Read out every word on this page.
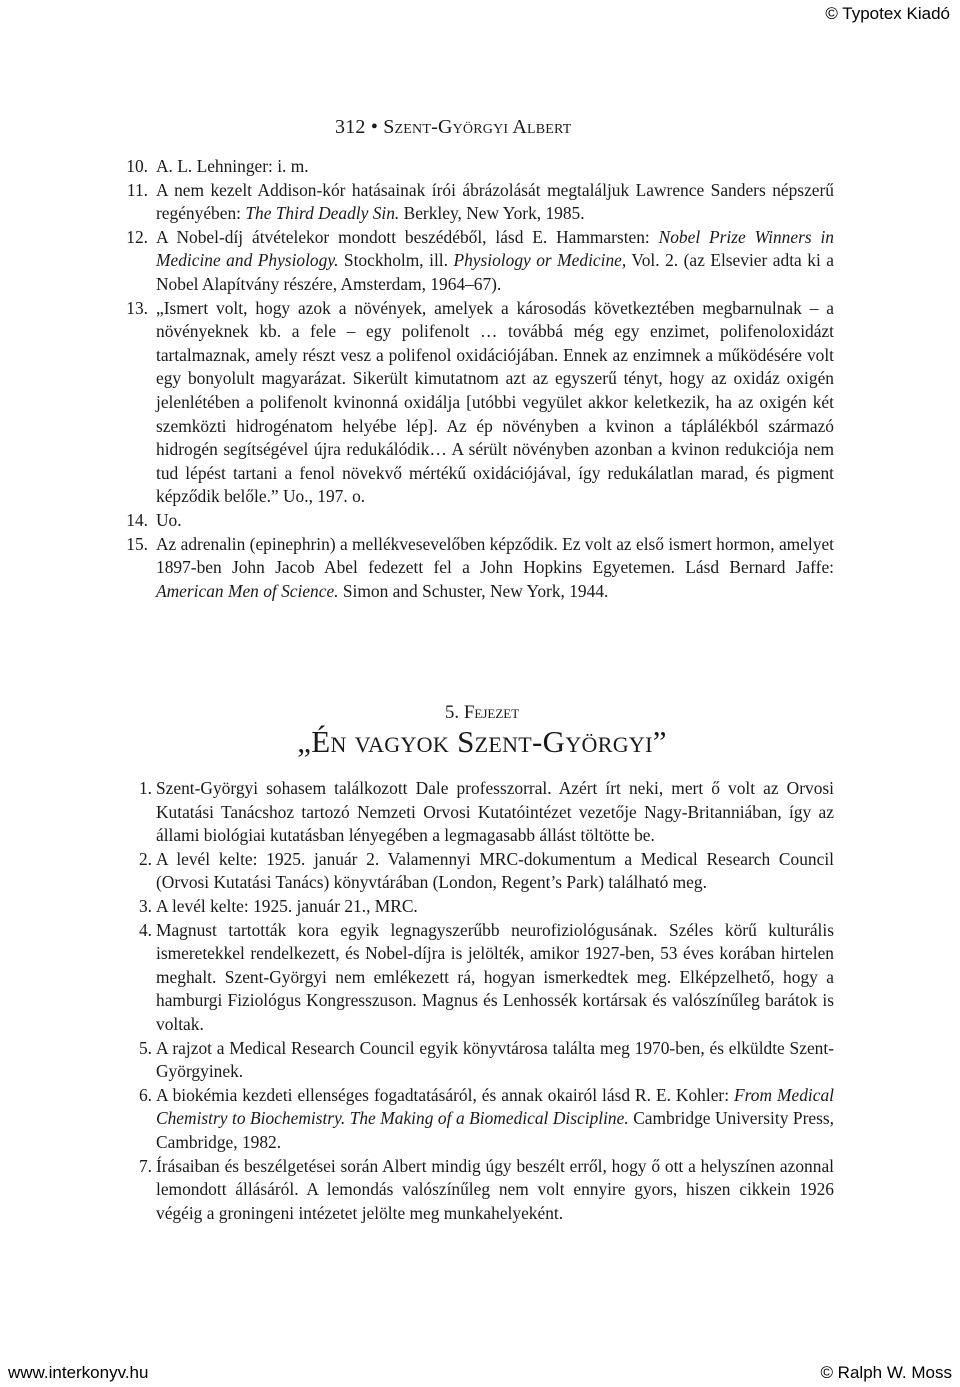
© Typotex Kiadó
312 • Szent-Györgyi Albert
10. A. L. Lehninger: i. m.

11. A nem kezelt Addison-kór hatásainak írói ábrázolását megtaláljuk Lawrence Sanders népszerű regényében: The Third Deadly Sin. Berkley, New York, 1985.

12. A Nobel-díj átvételekor mondott beszédéből, lásd E. Hammarsten: Nobel Prize Winners in Medicine and Physiology. Stockholm, ill. Physiology or Medicine, Vol. 2. (az Elsevier adta ki a Nobel Alapítvány részére, Amsterdam, 1964–67).

13. „Ismert volt, hogy azok a növények, amelyek a károsodás következtében megbarnulnak – a növényeknek kb. a fele – egy polifenolt … továbbá még egy enzimet, polifenoloxidázt tartalmaznak, amely részt vesz a polifenol oxidációjában. Ennek az enzimnek a működésére volt egy bonyolult magyarázat. Sikerült kimutatnom azt az egyszerű tényt, hogy az oxidáz oxigén jelenlétében a polifenolt kvinonná oxidálja [utóbbi vegyület akkor keletkezik, ha az oxigén két szemközti hidrogénatom helyébe lép]. Az ép növényben a kvinon a táplálékból származó hidrogén segítségével újra redukálódik… A sérült növényben azonban a kvinon redukciója nem tud lépést tartani a fenol növekvő mértékű oxidációjával, így redukálatlan marad, és pigment képződik belőle.” Uo., 197. o.

14. Uo.

15. Az adrenalin (epinephrin) a mellékvesevelőben képződik. Ez volt az első ismert hormon, amelyet 1897-ben John Jacob Abel fedezett fel a John Hopkins Egyetemen. Lásd Bernard Jaffe: American Men of Science. Simon and Schuster, New York, 1944.

5. Fejezet
„Én vagyok Szent-Györgyi”
1. Szent-Györgyi sohasem találkozott Dale professzorral. Azért írt neki, mert ő volt az Orvosi Kutatási Tanácshoz tartozó Nemzeti Orvosi Kutatóintézet vezetője Nagy-Britanniában, így az állami biológiai kutatásban lényegében a legmagasabb állást töltötte be.

2. A levél kelte: 1925. január 2. Valamennyi MRC-dokumentum a Medical Research Council (Orvosi Kutatási Tanács) könyvtárában (London, Regent’s Park) található meg.

3. A levél kelte: 1925. január 21., MRC.

4. Magnust tartották kora egyik legnagyszerűbb neurofiziológusának. Széles körű kulturális ismeretekkel rendelkezett, és Nobel-díjra is jelölték, amikor 1927-ben, 53 éves korában hirtelen meghalt. Szent-Györgyi nem emlékezett rá, hogyan ismerkedtek meg. Elképzelhető, hogy a hamburgi Fiziológus Kongresszuson. Magnus és Lenhossék kortársak és valószínűleg barátok is voltak.

5. A rajzot a Medical Research Council egyik könyvtárosa találta meg 1970-ben, és elküldte Szent-Györgyinek.

6. A biokémia kezdeti ellenséges fogadtatásáról, és annak okairól lásd R. E. Kohler: From Medical Chemistry to Biochemistry. The Making of a Biomedical Discipline. Cambridge University Press, Cambridge, 1982.

7. Írásaiban és beszélgetései során Albert mindig úgy beszélt erről, hogy ő ott a helyszínen azonnal lemondott állásáról. A lemondás valószínűleg nem volt ennyire gyors, hiszen cikkein 1926 végéig a groningeni intézetet jelölte meg munkahelyeként.

www.interkonyv.hu	© Ralph W. Moss
